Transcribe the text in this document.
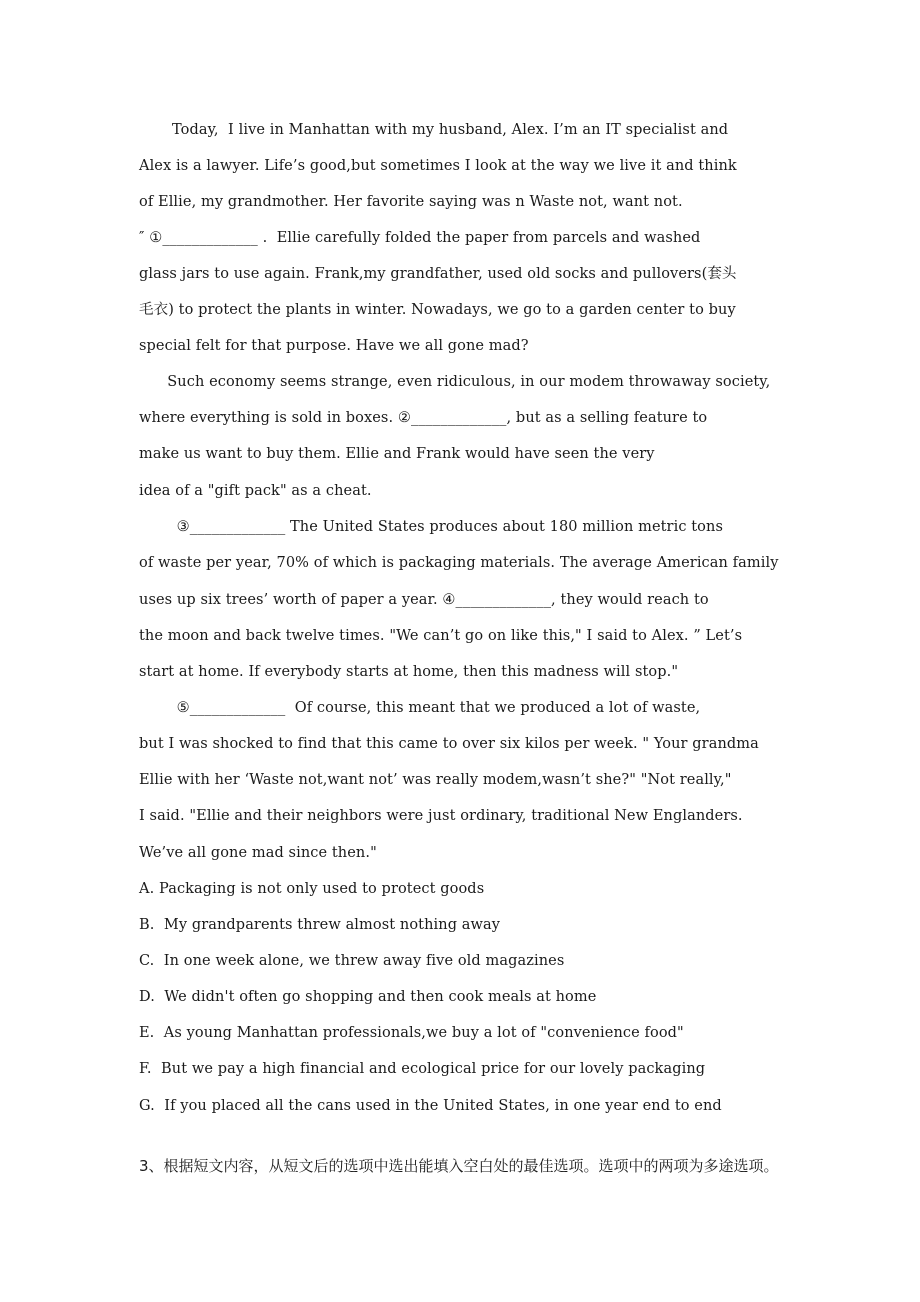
Today,  I live in Manhattan with my husband, Alex. I’m an IT specialist and
Alex is a lawyer. Life’s good,but sometimes I look at the way we live it and think
of Ellie, my grandmother. Her favorite saying was n Waste not, want not.
″ ①_____________ .  Ellie carefully folded the paper from parcels and washed
glass jars to use again. Frank,my grandfather, used old socks and pullovers(套头
毛衣) to protect the plants in winter. Nowadays, we go to a garden center to buy
special felt for that purpose. Have we all gone mad?
Such economy seems strange, even ridiculous, in our modem throwaway society,
where everything is sold in boxes. ②_____________, but as a selling feature to
make us want to buy them. Ellie and Frank would have seen the very
idea of a "gift pack" as a cheat.
③_____________ The United States produces about 180 million metric tons
of waste per year, 70% of which is packaging materials. The average American family
uses up six trees’ worth of paper a year. ④_____________, they would reach to
the moon and back twelve times. "We can’t go on like this," I said to Alex. ” Let’s
start at home. If everybody starts at home, then this madness will stop."
⑤_____________  Of course, this meant that we produced a lot of waste,
but I was shocked to find that this came to over six kilos per week. " Your grandma
Ellie with her ‘Waste not,want not’ was really modem,wasn’t she?" "Not really,"
I said. "Ellie and their neighbors were just ordinary, traditional New Englanders.
We’ve all gone mad since then."
A. Packaging is not only used to protect goods
B.  My grandparents threw almost nothing away
C.  In one week alone, we threw away five old magazines
D.  We didn't often go shopping and then cook meals at home
E.  As young Manhattan professionals,we buy a lot of "convenience food"
F.  But we pay a high financial and ecological price for our lovely packaging
G.  If you placed all the cans used in the United States, in one year end to end
3、根据短文内容，从短文后的选项中选出能填入空白处的最佳选项。选项中的两项为多途选项。
